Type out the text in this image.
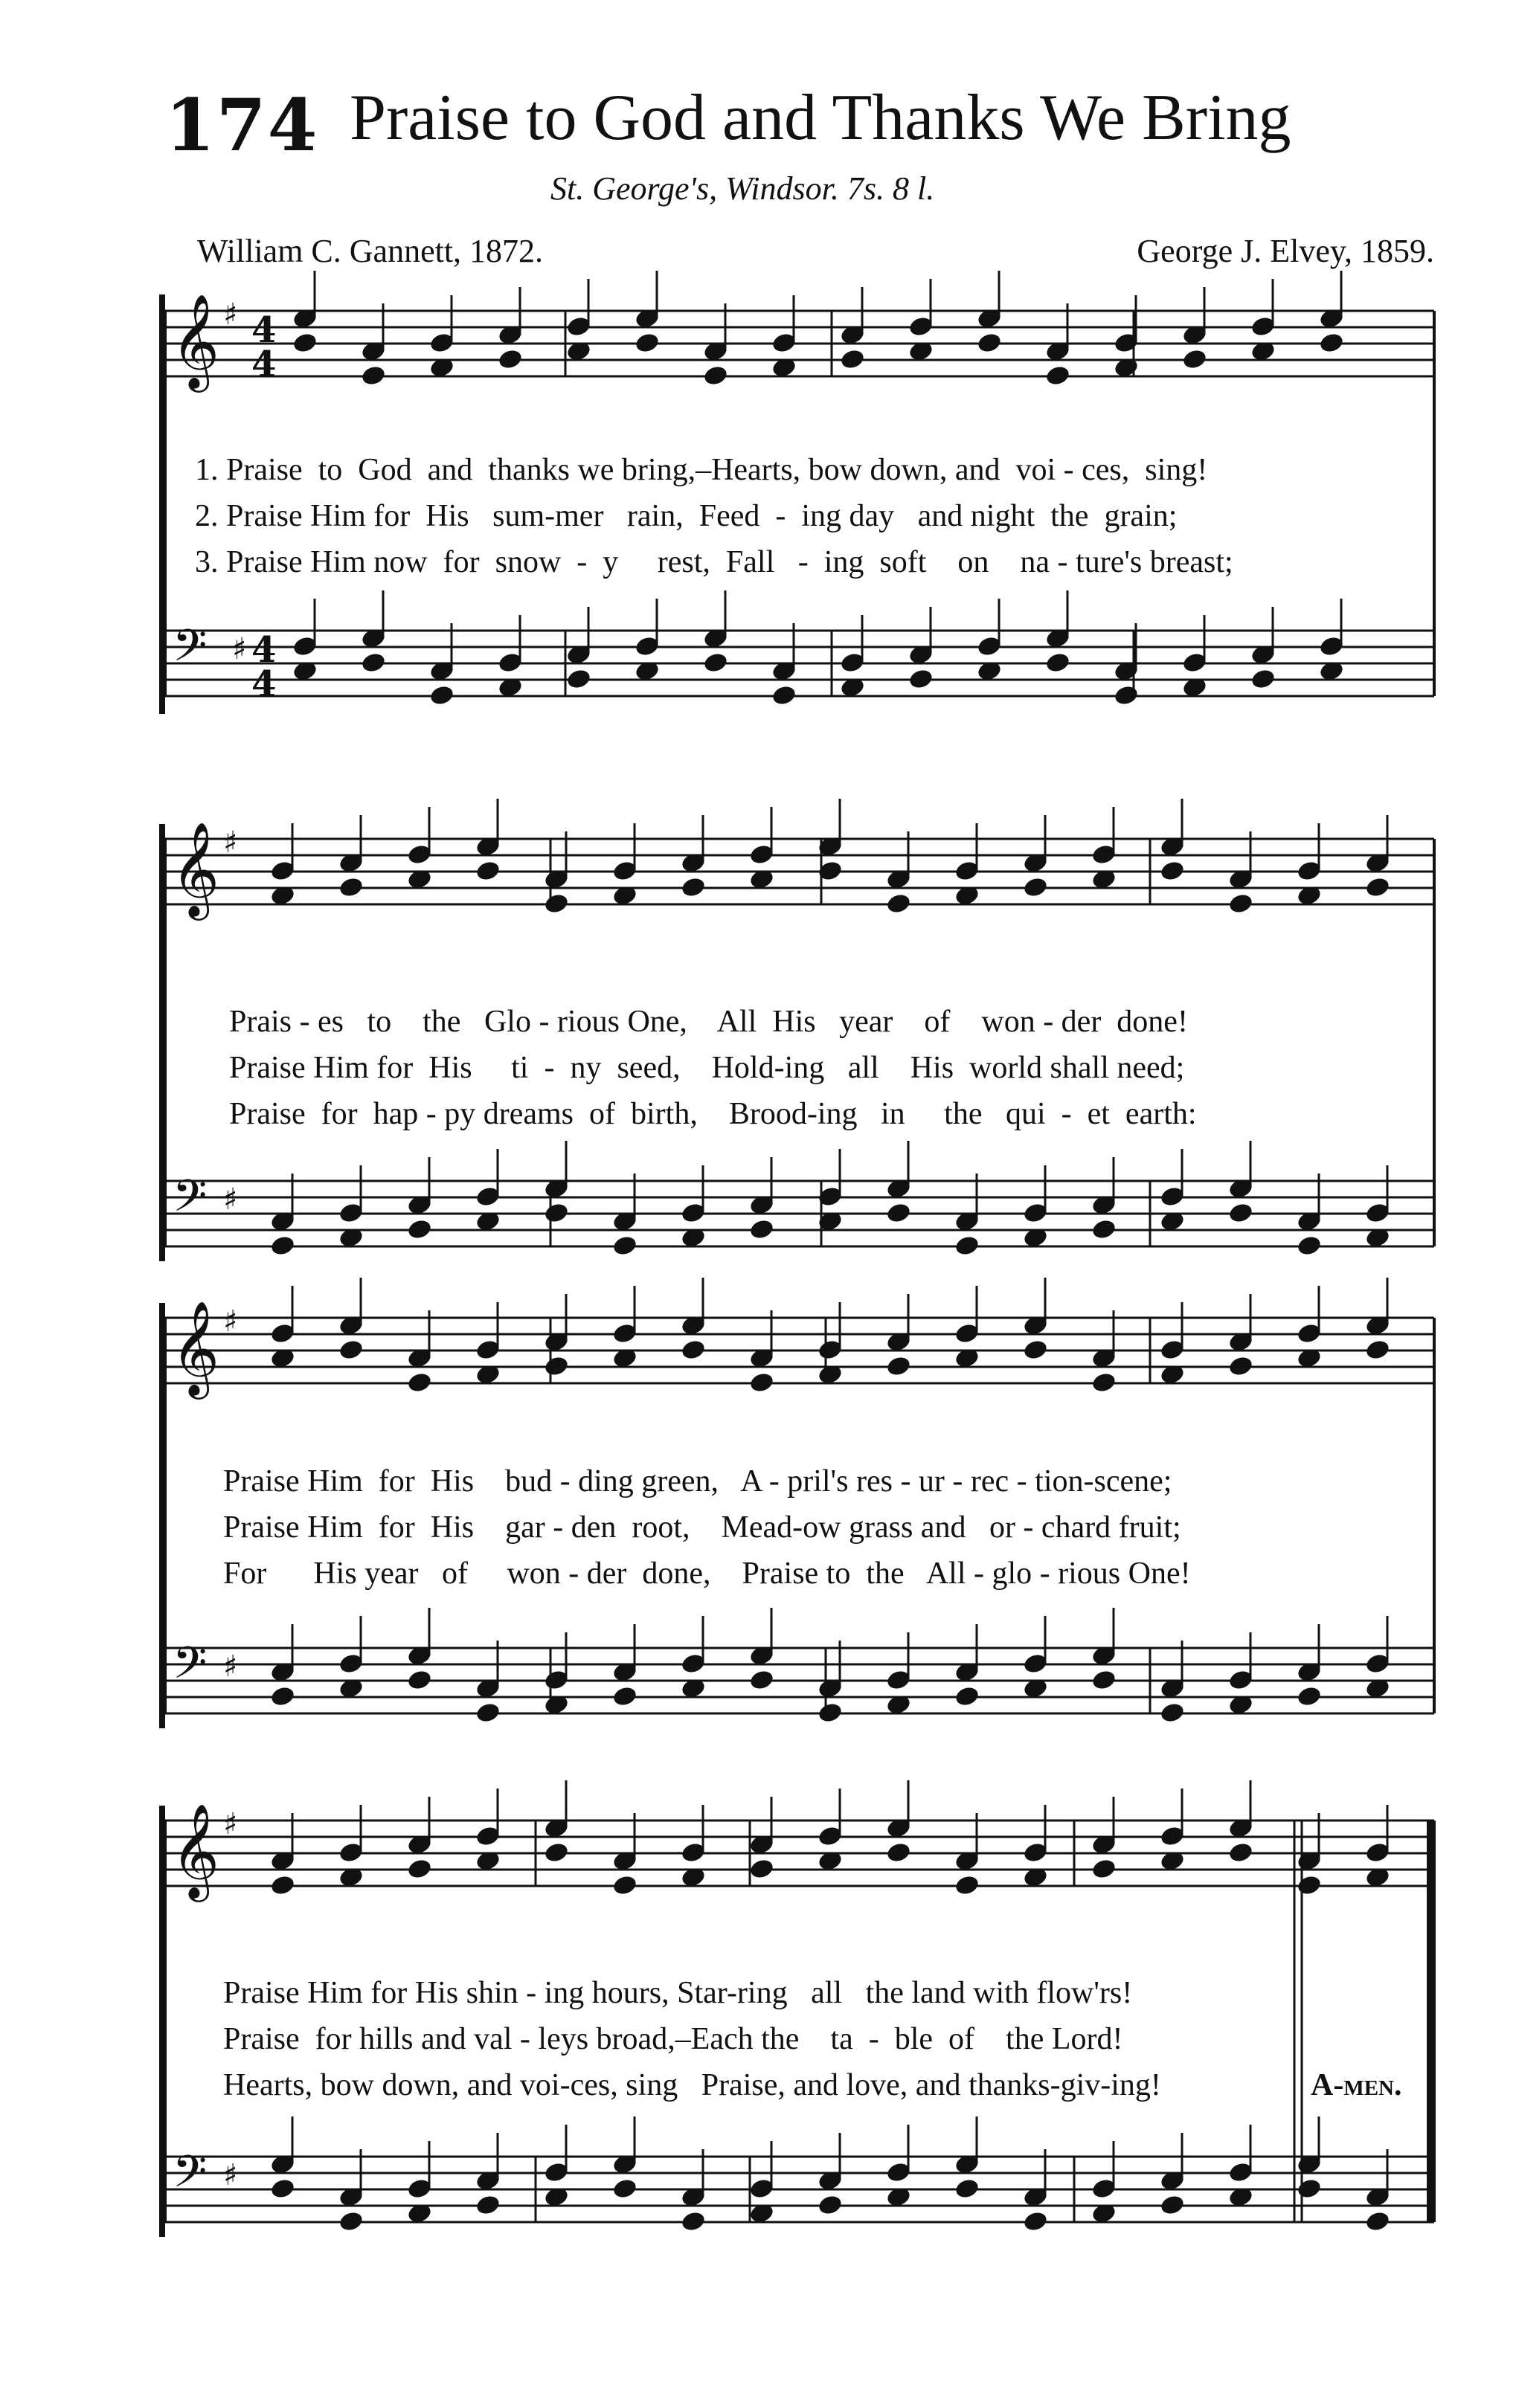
174 Praise to God and Thanks We Bring
St. George's, Windsor. 7s. 8 l.
William C. Gannett, 1872.	George J. Elvey, 1859.
𝄞 ♯ 4
4
𝄢 ♯ 4
4
𝄞 ♯
𝄢 ♯
𝄞 ♯
𝄢 ♯
𝄞 ♯
𝄢 ♯
1. Praise  to  God  and  thanks we bring,–Hearts, bow down, and  voi - ces,  sing!
2. Praise Him for  His   sum-mer   rain,  Feed  -  ing day   and night  the  grain;
3. Praise Him now  for  snow  -  y     rest,  Fall   -  ing  soft    on    na - ture's breast;
Prais - es   to    the   Glo - rious One,    All  His   year    of    won - der  done!
Praise Him for  His     ti  -  ny  seed,    Hold-ing   all    His  world shall need;
Praise  for  hap - py dreams  of  birth,    Brood-ing   in     the   qui  -  et  earth:
Praise Him  for  His    bud - ding green,   A - pril's res - ur - rec - tion-scene;
Praise Him  for  His    gar - den  root,    Mead-ow grass and   or - chard fruit;
For      His year   of     won - der  done,    Praise to  the   All - glo - rious One!
Praise Him for His shin - ing hours, Star-ring   all   the land with flow'rs!
Praise  for hills and val - leys broad,–Each the    ta  -  ble  of    the Lord!
Hearts, bow down, and voi-ces, sing   Praise, and love, and thanks-giv-ing!	A-men.
